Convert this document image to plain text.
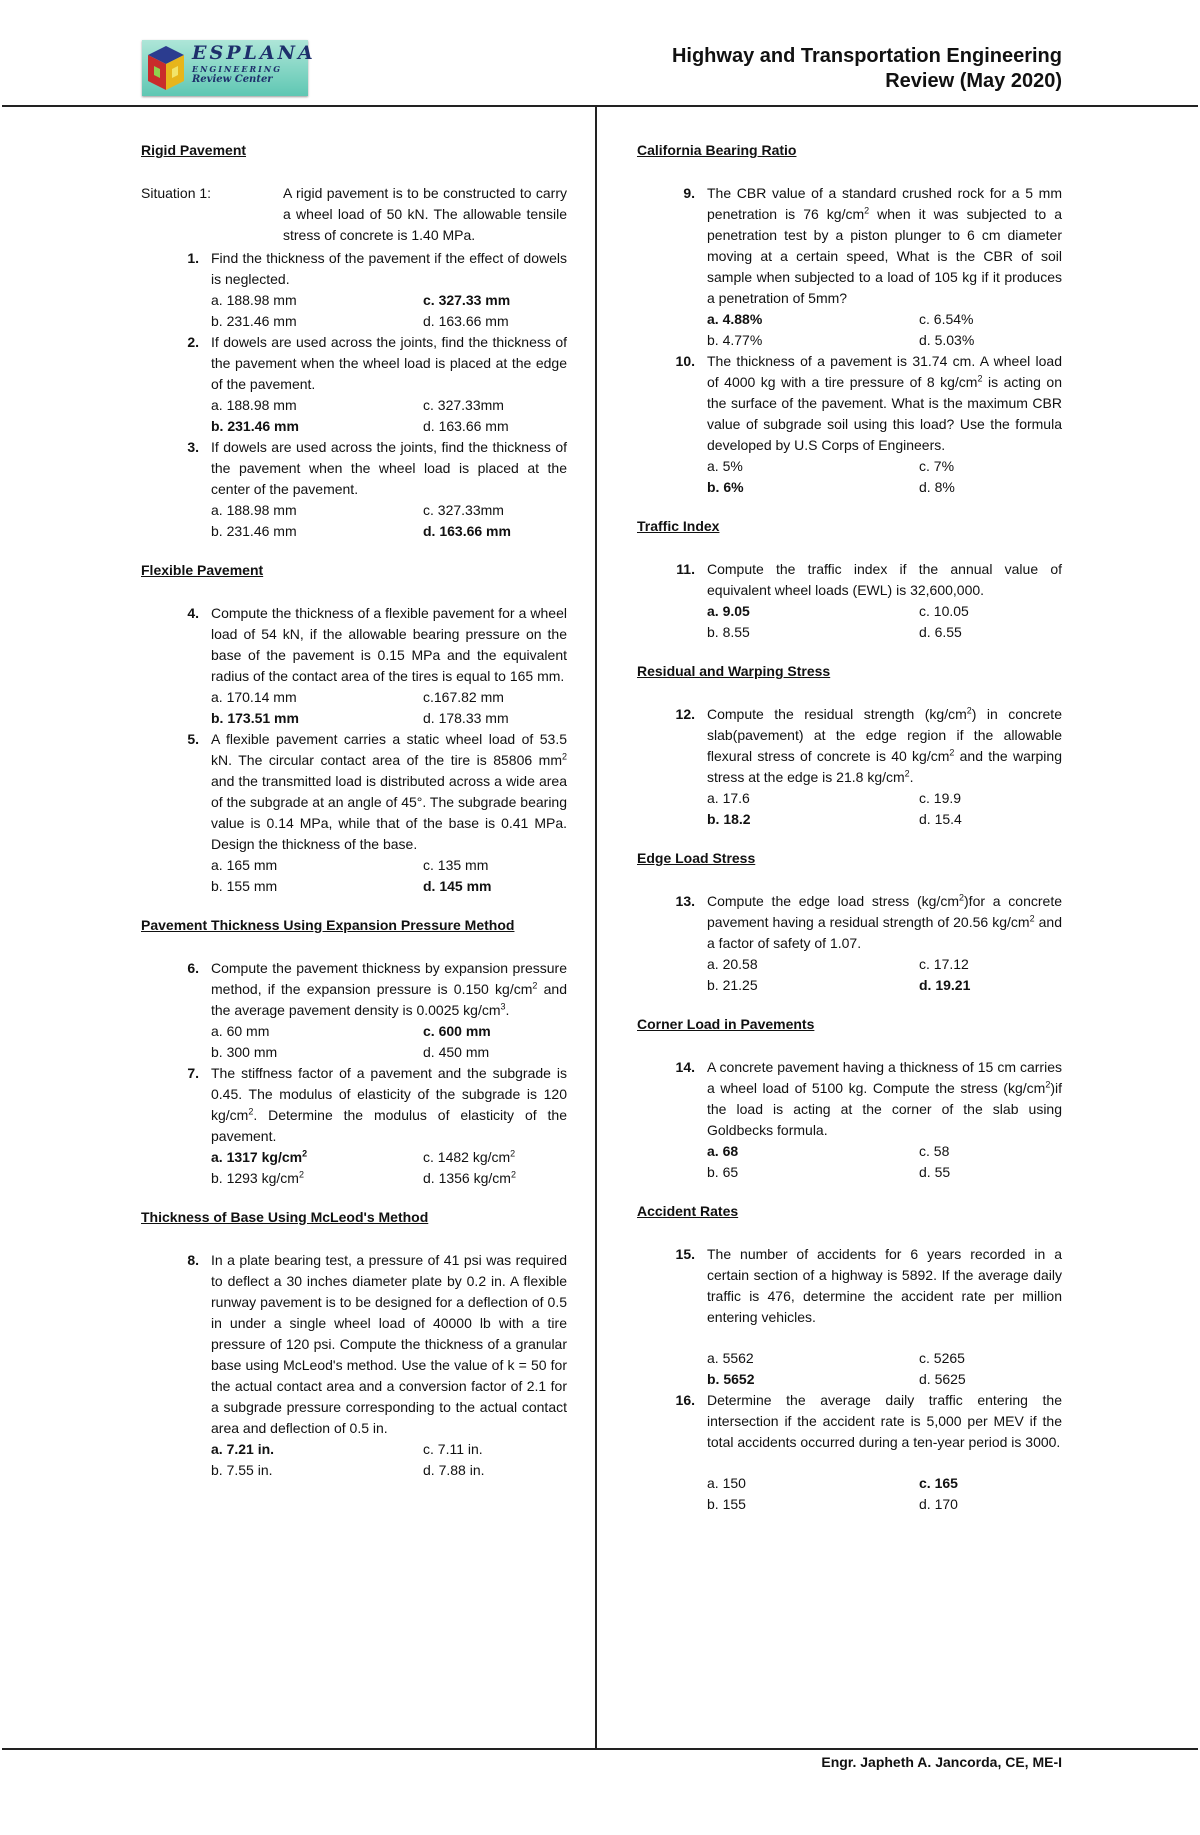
ESPLANA
ENGINEERING
Review Center
Highway and Transportation Engineering
Review (May 2020)
Rigid Pavement
Situation 1:	A rigid pavement is to be constructed to carry a wheel load of 50 kN. The allowable tensile stress of concrete is 1.40 MPa.
1. Find the thickness of the pavement if the effect of dowels is neglected.
a. 188.98 mm	c. 327.33 mm
b. 231.46 mm	d. 163.66 mm
2. If dowels are used across the joints, find the thickness of the pavement when the wheel load is placed at the edge of the pavement.
a. 188.98 mm	c. 327.33mm
b. 231.46 mm	d. 163.66 mm
3. If dowels are used across the joints, find the thickness of the pavement when the wheel load is placed at the center of the pavement.
a. 188.98 mm	c. 327.33mm
b. 231.46 mm	d. 163.66 mm
Flexible Pavement
4. Compute the thickness of a flexible pavement for a wheel load of 54 kN, if the allowable bearing pressure on the base of the pavement is 0.15 MPa and the equivalent radius of the contact area of the tires is equal to 165 mm.
a. 170.14 mm	c.167.82 mm
b. 173.51 mm	d. 178.33 mm
5. A flexible pavement carries a static wheel load of 53.5 kN. The circular contact area of the tire is 85806 $mm^2$ and the transmitted load is distributed across a wide area of the subgrade at an angle of 45°. The subgrade bearing value is 0.14 MPa, while that of the base is 0.41 MPa. Design the thickness of the base.
a. 165 mm	c. 135 mm
b. 155 mm	d. 145 mm
Pavement Thickness Using Expansion Pressure Method
6. Compute the pavement thickness by expansion pressure method, if the expansion pressure is 0.150 $kg/cm^2$ and the average pavement density is 0.0025 $kg/cm^3$.
a. 60 mm	c. 600 mm
b. 300 mm	d. 450 mm
7. The stiffness factor of a pavement and the subgrade is 0.45. The modulus of elasticity of the subgrade is 120 $kg/cm^2$. Determine the modulus of elasticity of the pavement.
a. 1317 $kg/cm^2$	c. 1482 $kg/cm^2$
b. 1293 $kg/cm^2$	d. 1356 $kg/cm^2$
Thickness of Base Using McLeod's Method
8. In a plate bearing test, a pressure of 41 psi was required to deflect a 30 inches diameter plate by 0.2 in. A flexible runway pavement is to be designed for a deflection of 0.5 in under a single wheel load of 40000 lb with a tire pressure of 120 psi. Compute the thickness of a granular base using McLeod's method. Use the value of k = 50 for the actual contact area and a conversion factor of 2.1 for a subgrade pressure corresponding to the actual contact area and deflection of 0.5 in.
a. 7.21 in.	c. 7.11 in.
b. 7.55 in.	d. 7.88 in.
California Bearing Ratio
9. The CBR value of a standard crushed rock for a 5 mm penetration is 76 $kg/cm^2$ when it was subjected to a penetration test by a piston plunger to 6 cm diameter moving at a certain speed, What is the CBR of soil sample when subjected to a load of 105 kg if it produces a penetration of 5mm?
a. 4.88%	c. 6.54%
b. 4.77%	d. 5.03%
10. The thickness of a pavement is 31.74 cm. A wheel load of 4000 kg with a tire pressure of 8 $kg/cm^2$ is acting on the surface of the pavement. What is the maximum CBR value of subgrade soil using this load? Use the formula developed by U.S Corps of Engineers.
a. 5%	c. 7%
b. 6%	d. 8%
Traffic Index
11. Compute the traffic index if the annual value of equivalent wheel loads (EWL) is 32,600,000.
a. 9.05	c. 10.05
b. 8.55	d. 6.55
Residual and Warping Stress
12. Compute the residual strength $(kg/cm^2)$ in concrete slab(pavement) at the edge region if the allowable flexural stress of concrete is 40 $kg/cm^2$ and the warping stress at the edge is 21.8 $kg/cm^2$.
a. 17.6	c. 19.9
b. 18.2	d. 15.4
Edge Load Stress
13. Compute the edge load stress $(kg/cm^2)for$ a concrete pavement having a residual strength of 20.56 $kg/cm^2$ and a factor of safety of 1.07.
a. 20.58	c. 17.12
b. 21.25	d. 19.21
Corner Load in Pavements
14. A concrete pavement having a thickness of 15 cm carries a wheel load of 5100 kg. Compute the stress $(kg/cm^2)if$ the load is acting at the corner of the slab using Goldbecks formula.
a. 68	c. 58
b. 65	d. 55
Accident Rates
15. The number of accidents for 6 years recorded in a certain section of a highway is 5892. If the average daily traffic is 476, determine the accident rate per million entering vehicles.
a. 5562	c. 5265
b. 5652	d. 5625
16. Determine the average daily traffic entering the intersection if the accident rate is 5,000 per MEV if the total accidents occurred during a ten-year period is 3000.
a. 150	c. 165
b. 155	d. 170
Engr. Japheth A. Jancorda, CE, ME-I
